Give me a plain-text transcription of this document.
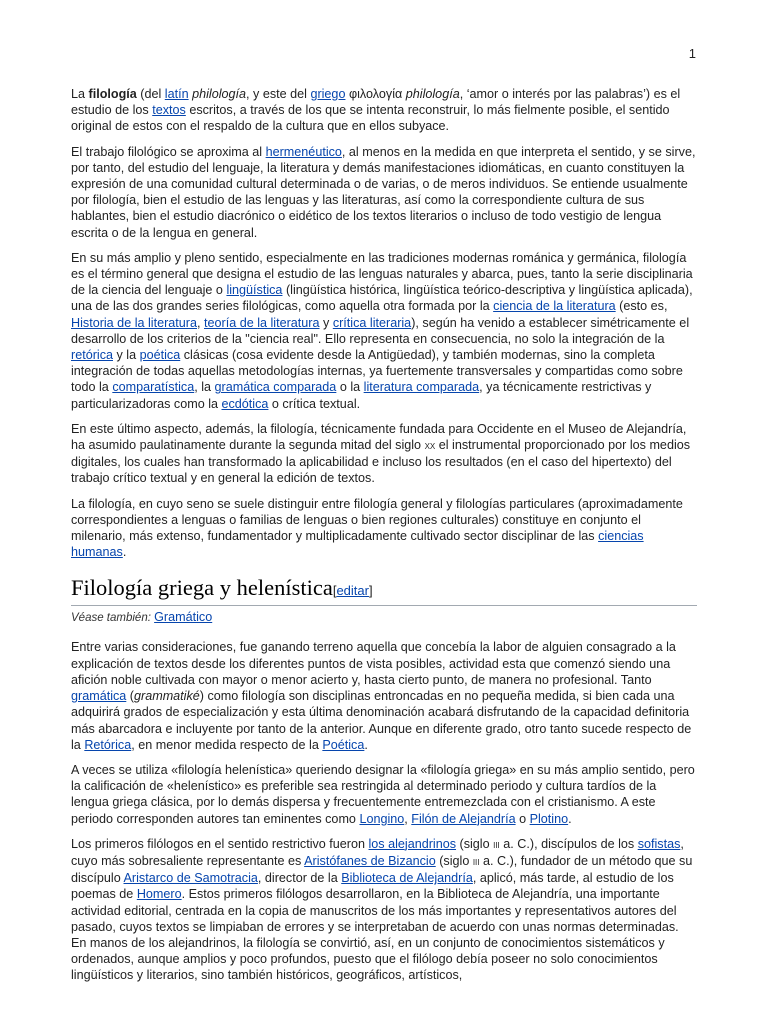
1

La filología (del latín philología, y este del griego φιλολογία philología, ‘amor o interés por las palabras’) es el estudio de los textos escritos, a través de los que se intenta reconstruir, lo más fielmente posible, el sentido original de estos con el respaldo de la cultura que en ellos subyace.

El trabajo filológico se aproxima al hermenéutico, al menos en la medida en que interpreta el sentido, y se sirve, por tanto, del estudio del lenguaje, la literatura y demás manifestaciones idiomáticas, en cuanto constituyen la expresión de una comunidad cultural determinada o de varias, o de meros individuos. Se entiende usualmente por filología, bien el estudio de las lenguas y las literaturas, así como la correspondiente cultura de sus hablantes, bien el estudio diacrónico o eidético de los textos literarios o incluso de todo vestigio de lengua escrita o de la lengua en general.

En su más amplio y pleno sentido, especialmente en las tradiciones modernas románica y germánica, filología es el término general que designa el estudio de las lenguas naturales y abarca, pues, tanto la serie disciplinaria de la ciencia del lenguaje o lingüística (lingüística histórica, lingüística teórico-descriptiva y lingüística aplicada), una de las dos grandes series filológicas, como aquella otra formada por la ciencia de la literatura (esto es, Historia de la literatura, teoría de la literatura y crítica literaria), según ha venido a establecer simétricamente el desarrollo de los criterios de la "ciencia real". Ello representa en consecuencia, no solo la integración de la retórica y la poética clásicas (cosa evidente desde la Antigüedad), y también modernas, sino la completa integración de todas aquellas metodologías internas, ya fuertemente transversales y compartidas como sobre todo la comparatística, la gramática comparada o la literatura comparada, ya técnicamente restrictivas y particularizadoras como la ecdótica o crítica textual.

En este último aspecto, además, la filología, técnicamente fundada para Occidente en el Museo de Alejandría, ha asumido paulatinamente durante la segunda mitad del siglo xx el instrumental proporcionado por los medios digitales, los cuales han transformado la aplicabilidad e incluso los resultados (en el caso del hipertexto) del trabajo crítico textual y en general la edición de textos.

La filología, en cuyo seno se suele distinguir entre filología general y filologías particulares (aproximadamente correspondientes a lenguas o familias de lenguas o bien regiones culturales) constituye en conjunto el milenario, más extenso, fundamentador y multiplicadamente cultivado sector disciplinar de las ciencias humanas.

Filología griega y helenística[editar]
Véase también: Gramático

Entre varias consideraciones, fue ganando terreno aquella que concebía la labor de alguien consagrado a la explicación de textos desde los diferentes puntos de vista posibles, actividad esta que comenzó siendo una afición noble cultivada con mayor o menor acierto y, hasta cierto punto, de manera no profesional. Tanto gramática (grammatiké) como filología son disciplinas entroncadas en no pequeña medida, si bien cada una adquirirá grados de especialización y esta última denominación acabará disfrutando de la capacidad definitoria más abarcadora e incluyente por tanto de la anterior. Aunque en diferente grado, otro tanto sucede respecto de la Retórica, en menor medida respecto de la Poética.

A veces se utiliza «filología helenística» queriendo designar la «filología griega» en su más amplio sentido, pero la calificación de «helenístico» es preferible sea restringida al determinado periodo y cultura tardíos de la lengua griega clásica, por lo demás dispersa y frecuentemente entremezclada con el cristianismo. A este periodo corresponden autores tan eminentes como Longino, Filón de Alejandría o Plotino.

Los primeros filólogos en el sentido restrictivo fueron los alejandrinos (siglo iii a. C.), discípulos de los sofistas, cuyo más sobresaliente representante es Aristófanes de Bizancio (siglo iii a. C.), fundador de un método que su discípulo Aristarco de Samotracia, director de la Biblioteca de Alejandría, aplicó, más tarde, al estudio de los poemas de Homero. Estos primeros filólogos desarrollaron, en la Biblioteca de Alejandría, una importante actividad editorial, centrada en la copia de manuscritos de los más importantes y representativos autores del pasado, cuyos textos se limpiaban de errores y se interpretaban de acuerdo con unas normas determinadas. En manos de los alejandrinos, la filología se convirtió, así, en un conjunto de conocimientos sistemáticos y ordenados, aunque amplios y poco profundos, puesto que el filólogo debía poseer no solo conocimientos lingüísticos y literarios, sino también históricos, geográficos, artísticos,
